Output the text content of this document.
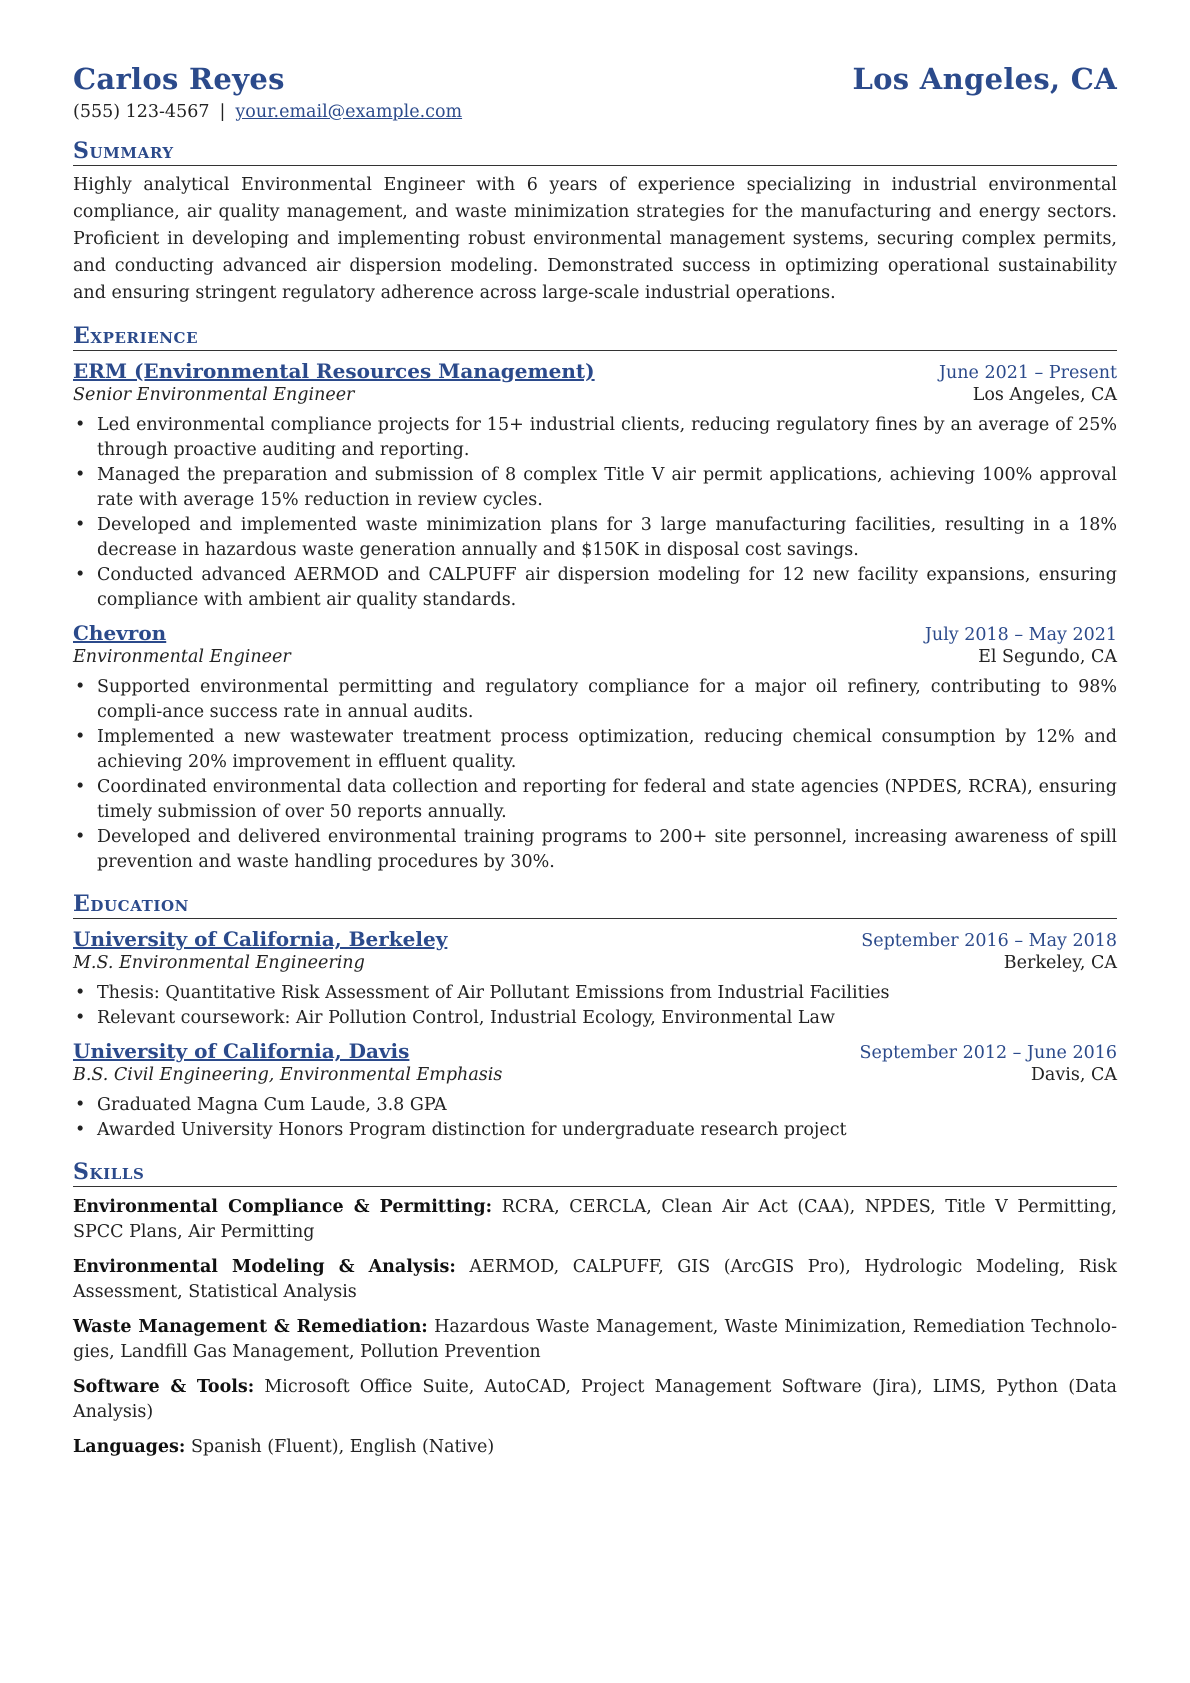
Carlos Reyes	Los Angeles, CA
(555) 123-4567 | your.email@example.com
Summary
Highly analytical Environmental Engineer with 6 years of experience specializing in industrial environmental compliance, air quality management, and waste minimization strategies for the manufacturing and energy sectors. Proficient in developing and implementing robust environmental management systems, securing complex permits, and conducting advanced air dispersion modeling. Demonstrated success in optimizing operational sustainability and ensuring stringent regulatory adherence across large-scale industrial operations.
Experience
ERM (Environmental Resources Management)	June 2021 – Present
Senior Environmental Engineer	Los Angeles, CA
• Led environmental compliance projects for 15+ industrial clients, reducing regulatory fines by an average of 25% through proactive auditing and reporting.
• Managed the preparation and submission of 8 complex Title V air permit applications, achieving 100% approval rate with average 15% reduction in review cycles.
• Developed and implemented waste minimization plans for 3 large manufacturing facilities, resulting in a 18% decrease in hazardous waste generation annually and $150K in disposal cost savings.
• Conducted advanced AERMOD and CALPUFF air dispersion modeling for 12 new facility expansions, ensuring compliance with ambient air quality standards.
Chevron	July 2018 – May 2021
Environmental Engineer	El Segundo, CA
• Supported environmental permitting and regulatory compliance for a major oil refinery, contributing to 98% compli-ance success rate in annual audits.
• Implemented a new wastewater treatment process optimization, reducing chemical consumption by 12% and achieving 20% improvement in effluent quality.
• Coordinated environmental data collection and reporting for federal and state agencies (NPDES, RCRA), ensuring timely submission of over 50 reports annually.
• Developed and delivered environmental training programs to 200+ site personnel, increasing awareness of spill prevention and waste handling procedures by 30%.
Education
University of California, Berkeley	September 2016 – May 2018
M.S. Environmental Engineering	Berkeley, CA
• Thesis: Quantitative Risk Assessment of Air Pollutant Emissions from Industrial Facilities
• Relevant coursework: Air Pollution Control, Industrial Ecology, Environmental Law
University of California, Davis	September 2012 – June 2016
B.S. Civil Engineering, Environmental Emphasis	Davis, CA
• Graduated Magna Cum Laude, 3.8 GPA
• Awarded University Honors Program distinction for undergraduate research project
Skills
Environmental Compliance & Permitting: RCRA, CERCLA, Clean Air Act (CAA), NPDES, Title V Permitting, SPCC Plans, Air Permitting
Environmental Modeling & Analysis: AERMOD, CALPUFF, GIS (ArcGIS Pro), Hydrologic Modeling, Risk Assessment, Statistical Analysis
Waste Management & Remediation: Hazardous Waste Management, Waste Minimization, Remediation Technolo-gies, Landfill Gas Management, Pollution Prevention
Software & Tools: Microsoft Office Suite, AutoCAD, Project Management Software (Jira), LIMS, Python (Data Analysis)
Languages: Spanish (Fluent), English (Native)
